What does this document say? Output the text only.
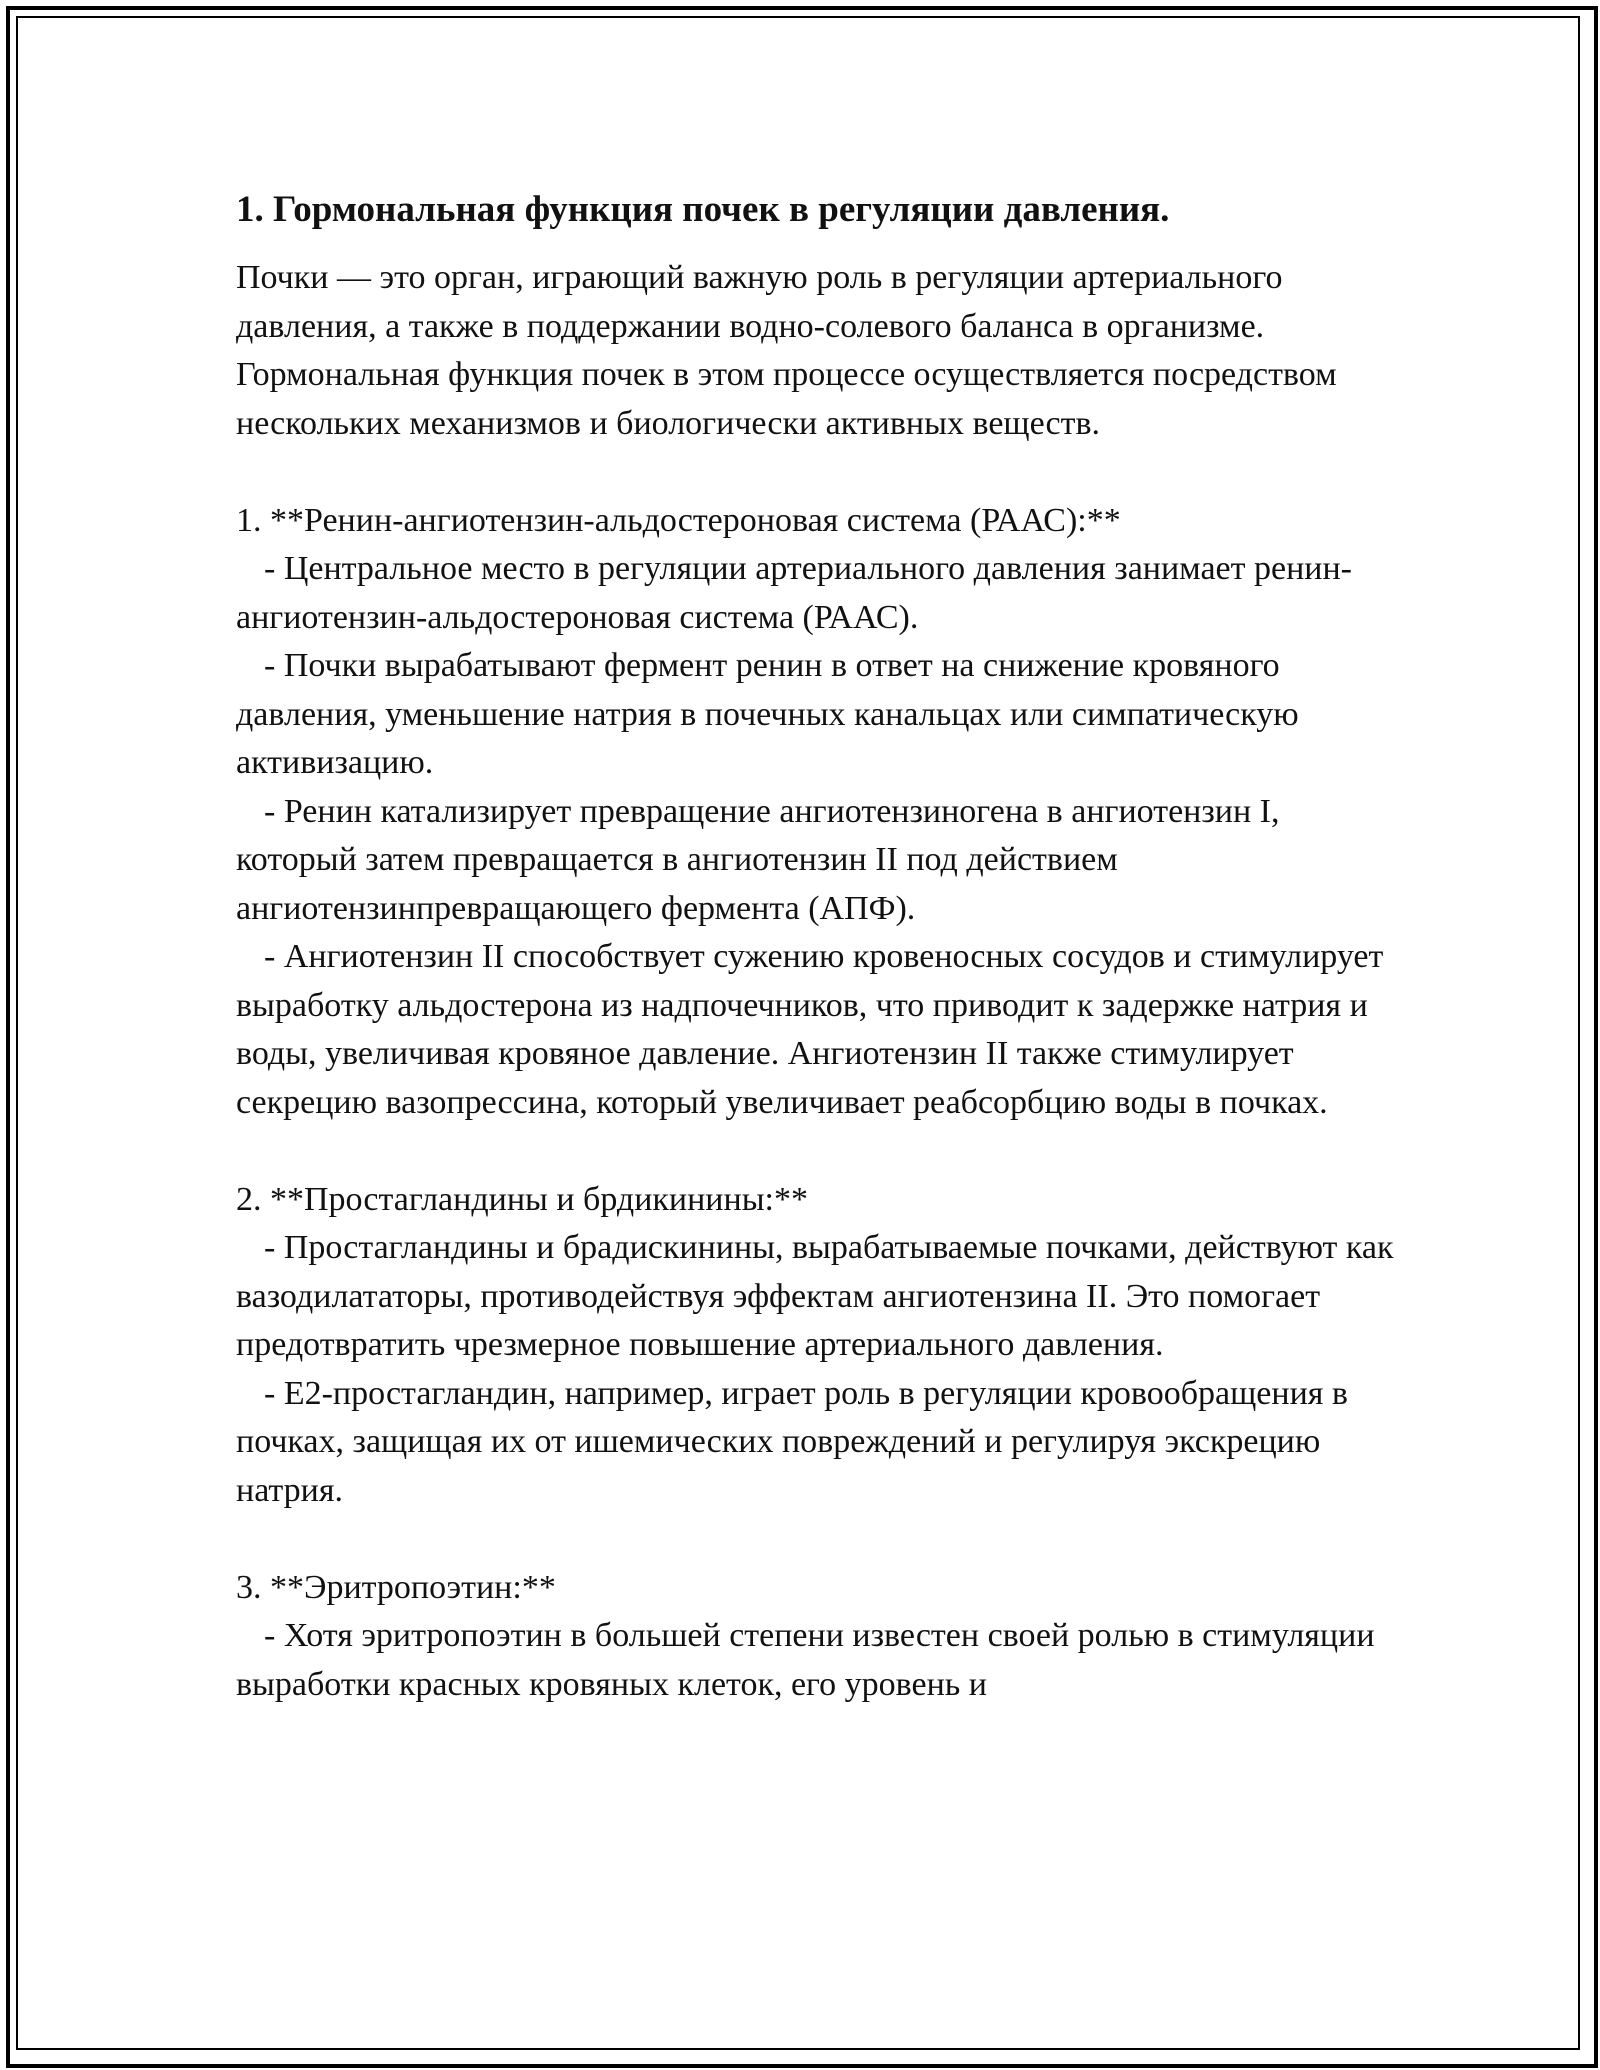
1. Гормональная функция почек в регуляции давления.

Почки — это орган, играющий важную роль в регуляции артериального давления, а также в поддержании водно-солевого баланса в организме. Гормональная функция почек в этом процессе осуществляется посредством нескольких механизмов и биологически активных веществ.

1. **Ренин-ангиотензин-альдостероновая система (РААС):**

- Центральное место в регуляции артериального давления занимает ренин-ангиотензин-альдостероновая система (РААС).

- Почки вырабатывают фермент ренин в ответ на снижение кровяного давления, уменьшение натрия в почечных канальцах или симпатическую активизацию.

- Ренин катализирует превращение ангиотензиногена в ангиотензин I, который затем превращается в ангиотензин II под действием ангиотензинпревращающего фермента (АПФ).

- Ангиотензин II способствует сужению кровеносных сосудов и стимулирует выработку альдостерона из надпочечников, что приводит к задержке натрия и воды, увеличивая кровяное давление. Ангиотензин II также стимулирует секрецию вазопрессина, который увеличивает реабсорбцию воды в почках.

2. **Простагландины и брдикинины:**

- Простагландины и брадискинины, вырабатываемые почками, действуют как вазодилататоры, противодействуя эффектам ангиотензина II. Это помогает предотвратить чрезмерное повышение артериального давления.

- E2-простагландин, например, играет роль в регуляции кровообращения в почках, защищая их от ишемических повреждений и регулируя экскрецию натрия.

3. **Эритропоэтин:**

- Хотя эритропоэтин в большей степени известен своей ролью в стимуляции выработки красных кровяных клеток, его уровень и
